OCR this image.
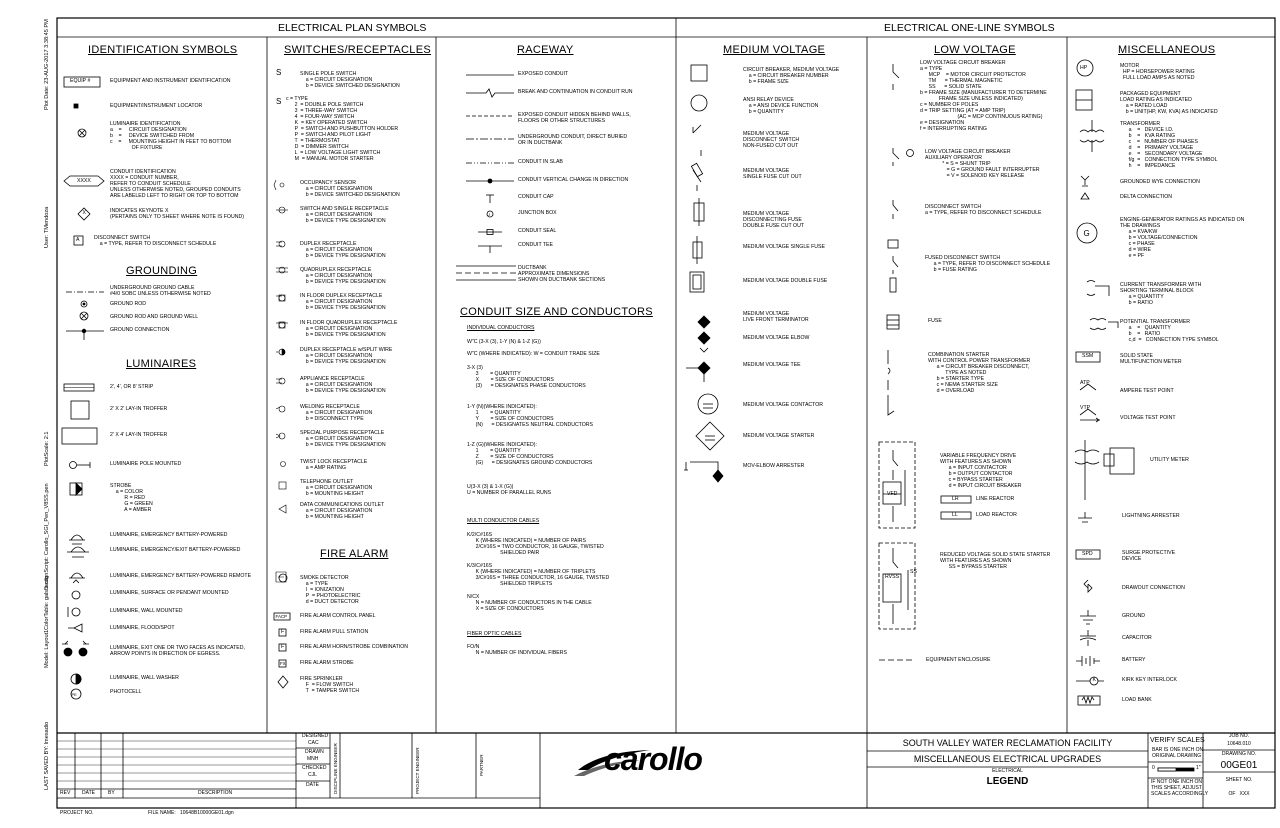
PE
S
S
J
G
ELECTRICAL PLAN SYMBOLS	ELECTRICAL ONE-LINE SYMBOLS
IDENTIFICATION SYMBOLS
GROUNDING
LUMINAIRES
SWITCHES/RECEPTACLES
FIRE ALARM
RACEWAY
CONDUIT SIZE AND CONDUCTORS
MEDIUM VOLTAGE	LOW VOLTAGE	MISCELLANEOUS
EQUIP #
XXXX
X
A
EQUIPMENT AND INSTRUMENT IDENTIFICATION
EQUIPMENT/INSTRUMENT LOCATOR
LUMINAIRE IDENTIFICATION
a    =     CIRCUIT DESIGNATION
b    =     DEVICE SWITCHED FROM
c    =     MOUNTING HEIGHT IN FEET TO BOTTOM
OF FIXTURE
CONDUIT IDENTIFICATION
XXXX = CONDUIT NUMBER,
REFER TO CONDUIT SCHEDULE
UNLESS OTHERWISE NOTED, GROUPED CONDUITS
ARE LABELED LEFT TO RIGHT OR TOP TO BOTTOM
INDICATES KEYNOTE X
(PERTAINS ONLY TO SHEET WHERE NOTE IS FOUND)
DISCONNECT SWITCH
a = TYPE, REFER TO DISCONNECT SCHEDULE
UNDERGROUND GROUND CABLE
#4/0 SOBC UNLESS OTHERWISE NOTED
GROUND ROD
GROUND ROD AND GROUND WELL
GROUND CONNECTION
2', 4', OR 8' STRIP
2' X 2' LAY-IN TROFFER
2' X 4' LAY-IN TROFFER
LUMINAIRE POLE MOUNTED
STROBE
a = COLOR
R = RED
G = GREEN
A = AMBER
LUMINAIRE, EMERGENCY BATTERY-POWERED
LUMINAIRE, EMERGENCY/EXIT BATTERY-POWERED
LUMINAIRE, EMERGENCY BATTERY-POWERED REMOTE
LUMINAIRE, SURFACE OR PENDANT MOUNTED
LUMINAIRE, WALL MOUNTED
LUMINAIRE, FLOOD/SPOT
LUMINAIRE, EXIT ONE OR TWO FACES AS INDICATED,
ARROW POINTS IN DIRECTION OF EGRESS.
LUMINAIRE, WALL WASHER
PHOTOCELL
SINGLE POLE SWITCH
a = CIRCUIT DESIGNATION
b = DEVICE SWITCHED DESIGNATION
c = TYPE
2  = DOUBLE POLE SWITCH
3  = THREE-WAY SWITCH
4  = FOUR-WAY SWITCH
K  = KEY OPERATED SWITCH
P  = SWITCH AND PUSHBUTTON HOLDER
P  = SWITCH AND PILOT LIGHT
T  = THERMOSTAT
D  = DIMMER SWITCH
L  = LOW VOLTAGE LIGHT SWITCH
M  = MANUAL MOTOR STARTER
OCCUPANCY SENSOR
a = CIRCUIT DESIGNATION
b = DEVICE SWITCHED DESIGNATION
SWITCH AND SINGLE RECEPTACLE
a = CIRCUIT DESIGNATION
b = DEVICE TYPE DESIGNATION
DUPLEX RECEPTACLE
a = CIRCUIT DESIGNATION
b = DEVICE TYPE DESIGNATION
QUADRUPLEX RECEPTACLE
a = CIRCUIT DESIGNATION
b = DEVICE TYPE DESIGNATION
IN FLOOR DUPLEX RECEPTACLE
a = CIRCUIT DESIGNATION
b = DEVICE TYPE DESIGNATION
IN FLOOR QUADRUPLEX RECEPTACLE
a = CIRCUIT DESIGNATION
b = DEVICE TYPE DESIGNATION
DUPLEX RECEPTACLE w/SPLIT WIRE
a = CIRCUIT DESIGNATION
b = DEVICE TYPE DESIGNATION
APPLIANCE RECEPTACLE
a = CIRCUIT DESIGNATION
b = DEVICE TYPE DESIGNATION
WELDING RECEPTACLE
a = CIRCUIT DESIGNATION
b = DISCONNECT TYPE
SPECIAL PURPOSE RECEPTACLE
a = CIRCUIT DESIGNATION
b = DEVICE TYPE DESIGNATION
TWIST LOCK RECEPTACLE
a = AMP RATING
TELEPHONE OUTLET
a = CIRCUIT DESIGNATION
b = MOUNTING HEIGHT
DATA COMMUNICATIONS OUTLET
a = CIRCUIT DESIGNATION
b = MOUNTING HEIGHT
SMOKE DETECTOR
a = TYPE
I  = IONIZATION
P  = PHOTOELECTRIC
d = DUCT DETECTOR
FACP
F
F
FX
FIRE ALARM CONTROL PANEL
FIRE ALARM PULL STATION
FIRE ALARM HORN/STROBE COMBINATION
FIRE ALARM STROBE
FIRE SPRINKLER
F  = FLOW SWITCH
T  = TAMPER SWITCH
EXPOSED CONDUIT
BREAK AND CONTINUATION IN CONDUIT RUN
EXPOSED CONDUIT HIDDEN BEHIND WALLS,
FLOORS OR OTHER STRUCTURES
UNDERGROUND CONDUIT, DIRECT BURIED
OR IN DUCTBANK
CONDUIT IN SLAB
CONDUIT VERTICAL CHANGE IN DIRECTION
CONDUIT CAP
JUNCTION BOX
CONDUIT SEAL
CONDUIT TEE
DUCTBANK
APPROXIMATE DIMENSIONS
SHOWN ON DUCTBANK SECTIONS
INDIVIDUAL CONDUCTORS
W"C (3-X (3), 1-Y (N) & 1-Z (G))
W"C (WHERE INDICATED): W = CONDUIT TRADE SIZE
3-X (3)
3        = QUANTITY
X        = SIZE OF CONDUCTORS
(3)      = DESIGNATES PHASE CONDUCTORS
1-Y (N)(WHERE INDICATED):
1        = QUANTITY
Y        = SIZE OF CONDUCTORS
(N)      = DESIGNATES NEUTRAL CONDUCTORS
1-Z (G)(WHERE INDICATED):
1        = QUANTITY
Z        = SIZE OF CONDUCTORS
(G)      = DESIGNATES GROUND CONDUCTORS
U(3-X (3) & 1-X (G))
U = NUMBER OF PARALLEL RUNS
MULTI CONDUCTOR CABLES
K/2/C#16S
K (WHERE INDICATED) = NUMBER OF PAIRS
2/C#16S = TWO CONDUCTOR, 16 GAUGE, TWISTED
SHIELDED PAIR
K/3/C#16S
K (WHERE INDICATED) = NUMBER OF TRIPLETS
3/C#16S = THREE CONDUCTOR, 16 GAUGE, TWISTED
SHIELDED TRIPLETS
N/CX
N = NUMBER OF CONDUCTORS IN THE CABLE
X = SIZE OF CONDUCTORS
FIBER OPTIC CABLES
FO/N
N = NUMBER OF INDIVIDUAL FIBERS
CIRCUIT BREAKER, MEDIUM VOLTAGE
a = CIRCUIT BREAKER NUMBER
b = FRAME SIZE
ANSI RELAY DEVICE
a = ANSI DEVICE FUNCTION
b = QUANTITY
MEDIUM VOLTAGE
DISCONNECT SWITCH
NON-FUSED CUT OUT
MEDIUM VOLTAGE
SINGLE FUSE CUT OUT
MEDIUM VOLTAGE
DISCONNECTING FUSE
DOUBLE FUSE CUT OUT
MEDIUM VOLTAGE SINGLE FUSE
MEDIUM VOLTAGE DOUBLE FUSE
MEDIUM VOLTAGE
LIVE FRONT TERMINATOR
MEDIUM VOLTAGE ELBOW
MEDIUM VOLTAGE TEE
MEDIUM VOLTAGE CONTACTOR
MEDIUM VOLTAGE STARTER
MOV-ELBOW ARRESTER
LOW VOLTAGE CIRCUIT BREAKER
a = TYPE
MCP    = MOTOR CIRCUIT PROTECTOR
TM      = THERMAL MAGNETIC
SS      = SOLID STATE
b = FRAME SIZE (MANUFACTURER TO DETERMINE
FRAME SIZE UNLESS INDICATED)
c = NUMBER OF POLES
d = TRIP SETTING (AT = AMP TRIP)
(AC = MCP CONTINUOUS RATING)
e = DESIGNATION
f = INTERRUPTING RATING
LOW VOLTAGE CIRCUIT BREAKER
AUXILIARY OPERATOR
* = S = SHUNT TRIP
= G = GROUND FAULT INTERRUPTER
= V = SOLENOID KEY RELEASE
DISCONNECT SWITCH
a = TYPE, REFER TO DISCONNECT SCHEDULE
FUSED DISCONNECT SWITCH
a = TYPE, REFER TO DISCONNECT SCHEDULE
b = FUSE RATING
FUSE
COMBINATION STARTER
WITH CONTROL POWER TRANSFORMER
a = CIRCUIT BREAKER DISCONNECT,
TYPE AS NOTED
b = STARTER TYPE
c = NEMA STARTER SIZE
d = OVERLOAD
VARIABLE FREQUENCY DRIVE
WITH FEATURES AS SHOWN
a = INPUT CONTACTOR
b = OUTPUT CONTACTOR
c = BYPASS STARTER
d = INPUT CIRCUIT BREAKER
LR
LL
LINE REACTOR
LOAD REACTOR
VFD
RVSS
SS
REDUCED VOLTAGE SOLID STATE STARTER
WITH FEATURES AS SHOWN
SS = BYPASS STARTER
EQUIPMENT ENCLOSURE
HP	MOTOR
HP = HORSEPOWER RATING
FULL LOAD AMPS AS NOTED
PACKAGED EQUIPMENT
LOAD RATING AS INDICATED
a = RATED LOAD
b = UNIT(HP, KW, KVA) AS INDICATED
TRANSFORMER
a    =   DEVICE I.D.
b    =   KVA RATING
c    =   NUMBER OF PHASES
d    =   PRIMARY VOLTAGE
e    =   SECONDARY VOLTAGE
f/g  =   CONNECTION TYPE SYMBOL
h    =   IMPEDANCE
GROUNDED WYE CONNECTION
DELTA CONNECTION
ENGINE-GENERATOR RATINGS AS INDICATED ON
THE DRAWINGS
a = KVA/KW
b = VOLTAGE/CONNECTION
c = PHASE
d = WIRE
e = PF
CURRENT TRANSFORMER WITH
SHORTING TERMINAL BLOCK
a = QUANTITY
b = RATIO
POTENTIAL TRANSFORMER
a    =   QUANTITY
b    =   RATIO
c,d  =   CONNECTION TYPE SYMBOL
SSM	SOLID STATE
MULTIFUNCTION METER
ATP
AMPERE TEST POINT
VTP
VOLTAGE TEST POINT
UTILITY METER
LIGHTNING ARRESTER
SPD	SURGE PROTECTIVE
DEVICE
DRAWOUT CONNECTION
GROUND
CAPACITOR
BATTERY
K	KIRK KEY INTERLOCK
LOAD BANK
Plot Date: 23-AUG-2017 3:38:45 PM
User: TMendoza
PlotScale: 2:1
DesignScript: Carollo_SGI_Pen_V8SS.pen
ColorTable: galsts.ctb
Model: Layout1
LAST SAVED BY: lmesadio
REV DATE	BY	DESCRIPTION
DESIGNED
CAC
DRAWN
MNH
CHECKED
CJL
DATE	DISCIPLINE ENGINEER	PROJECT ENGINEER	PARTNER	carollo	SOUTH VALLEY WATER RECLAMATION FACILITY
MISCELLANEOUS ELECTRICAL UPGRADES
ELECTRICAL
LEGEND
VERIFY SCALES
BAR IS ONE INCH ON
ORIGINAL DRAWING
0	1"
IF NOT ONE INCH ON
THIS SHEET, ADJUST
SCALES ACCORDINGLY
JOB NO.
10648.010
DRAWING NO.
00GE01
SHEET NO.
OF   XXX
PROJECT NO.	FILE NAME:   10648B10000GE01.dgn
